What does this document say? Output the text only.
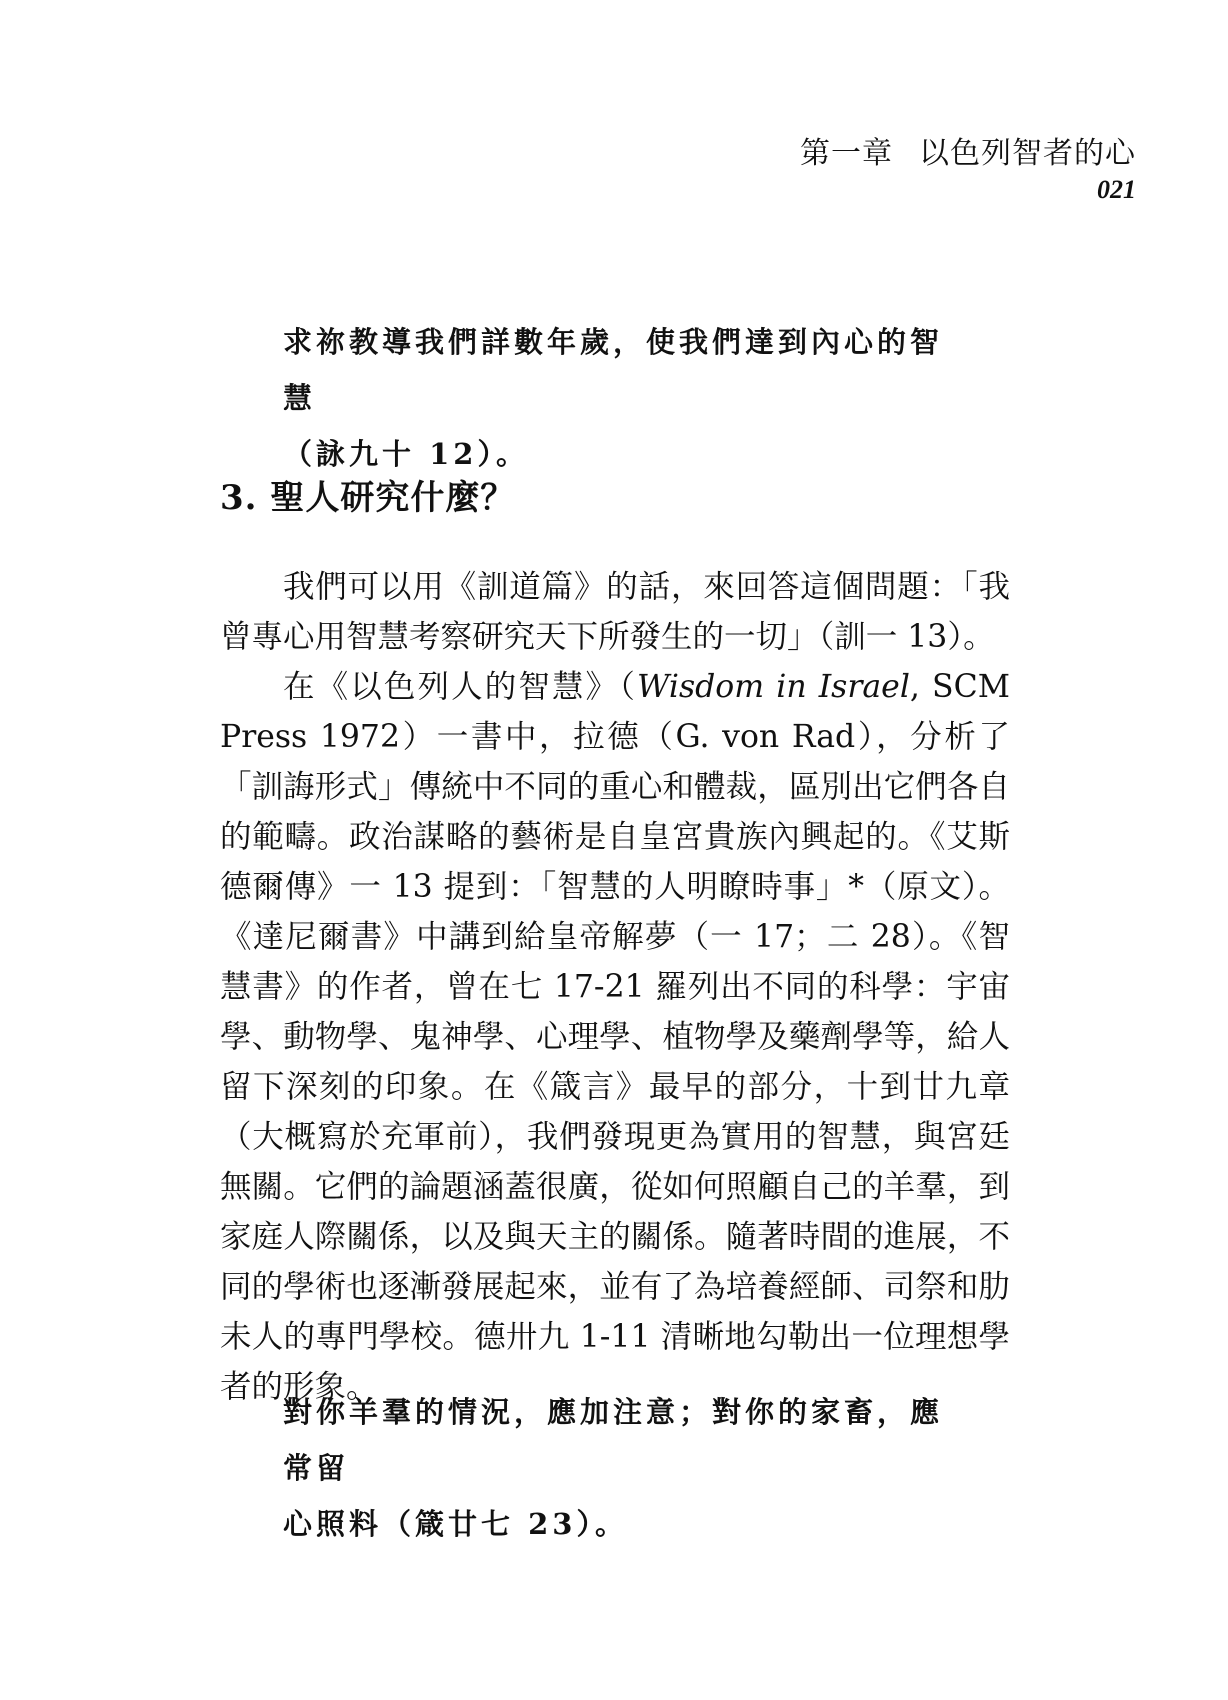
第一章 以色列智者的心
021

求祢教導我們詳數年歲，使我們達到內心的智慧

（詠九十 12）。

3. 聖人研究什麼？

我們可以用《訓道篇》的話，來回答這個問題：「我曾專心用智慧考察研究天下所發生的一切」（訓一 13）。

在《以色列人的智慧》（Wisdom in Israel, SCM Press 1972）一書中，拉德（G. von Rad），分析了「訓誨形式」傳統中不同的重心和體裁，區別出它們各自的範疇。政治謀略的藝術是自皇宮貴族內興起的。《艾斯德爾傳》一 13 提到：「智慧的人明瞭時事」*（原文）。《達尼爾書》中講到給皇帝解夢（一 17；二 28）。《智慧書》的作者，曾在七 17-21 羅列出不同的科學：宇宙學、動物學、鬼神學、心理學、植物學及藥劑學等，給人留下深刻的印象。在《箴言》最早的部分，十到廿九章（大概寫於充軍前），我們發現更為實用的智慧，與宮廷無關。它們的論題涵蓋很廣，從如何照顧自己的羊羣，到家庭人際關係，以及與天主的關係。隨著時間的進展，不同的學術也逐漸發展起來，並有了為培養經師、司祭和肋未人的專門學校。德卅九 1-11 清晰地勾勒出一位理想學者的形象。

對你羊羣的情況，應加注意；對你的家畜，應常留

心照料（箴廿七 23）。
